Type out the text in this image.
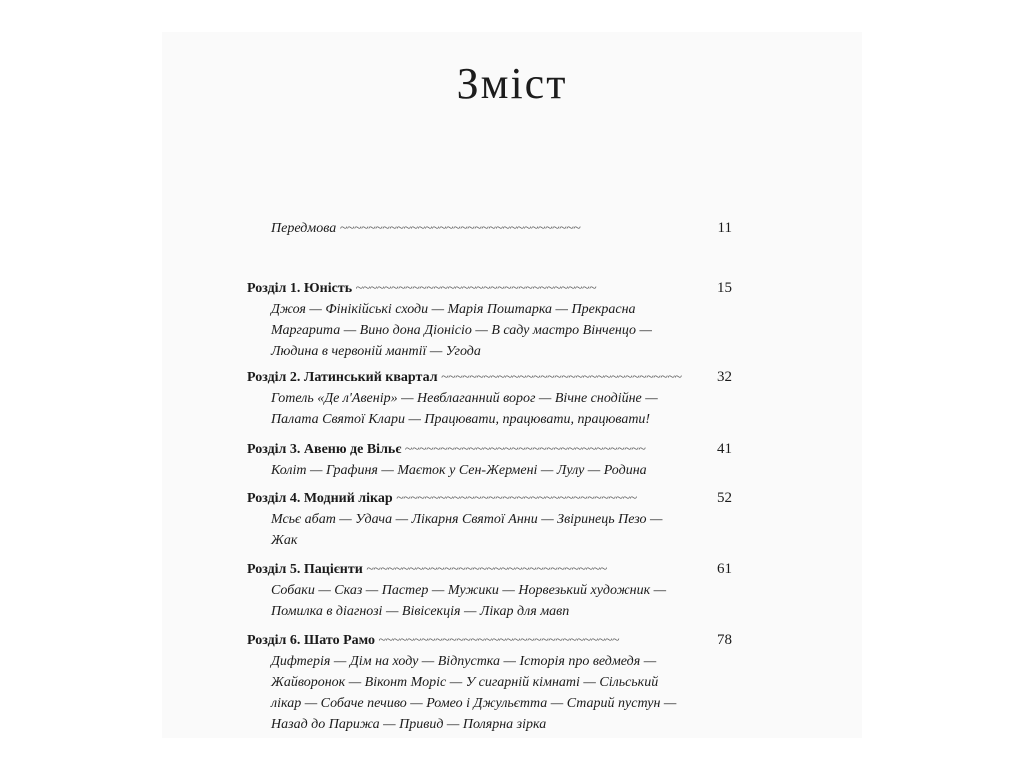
Зміст
Передмова ~~~~~~~~~~~~~~~~~~~~~~~~~~~~~~~~~~	11
Розділ 1. Юність ~~~~~~~~~~~~~~~~~~~~~~~~~~~~~~~~~~	15
Джоя — Фінікійські сходи — Марія Поштарка — Прекрасна
Маргарита — Вино дона Діонісіо — В саду мастро Вінченцо —
Людина в червоній мантії — Угода
Розділ 2. Латинський квартал ~~~~~~~~~~~~~~~~~~~~~~~~~~~~~~~~~~	32
Готель «Де л'Авенір» — Невблаганний ворог — Вічне снодійне —
Палата Святої Клари — Працювати, працювати, працювати!
Розділ 3. Авеню де Вільє ~~~~~~~~~~~~~~~~~~~~~~~~~~~~~~~~~~	41
Колiт — Графиня — Маєток у Сен-Жермені — Лулу — Родина
Розділ 4. Модний лікар ~~~~~~~~~~~~~~~~~~~~~~~~~~~~~~~~~~	52
Мсьє абат — Удача — Лікарня Святої Анни — Звіринець Пезо —
Жак
Розділ 5. Пацієнти ~~~~~~~~~~~~~~~~~~~~~~~~~~~~~~~~~~	61
Собаки — Сказ — Пастер — Мужики — Норвезький художник —
Помилка в діагнозі — Вівісекція — Лікар для мавп
Розділ 6. Шато Рамо ~~~~~~~~~~~~~~~~~~~~~~~~~~~~~~~~~~	78
Дифтерія — Дім на ходу — Відпустка — Історія про ведмедя —
Жайворонок — Віконт Моріс — У сигарній кімнаті — Сільський
лікар — Собаче печиво — Ромео і Джульєтта — Старий пустун —
Назад до Парижа — Привид — Полярна зірка
